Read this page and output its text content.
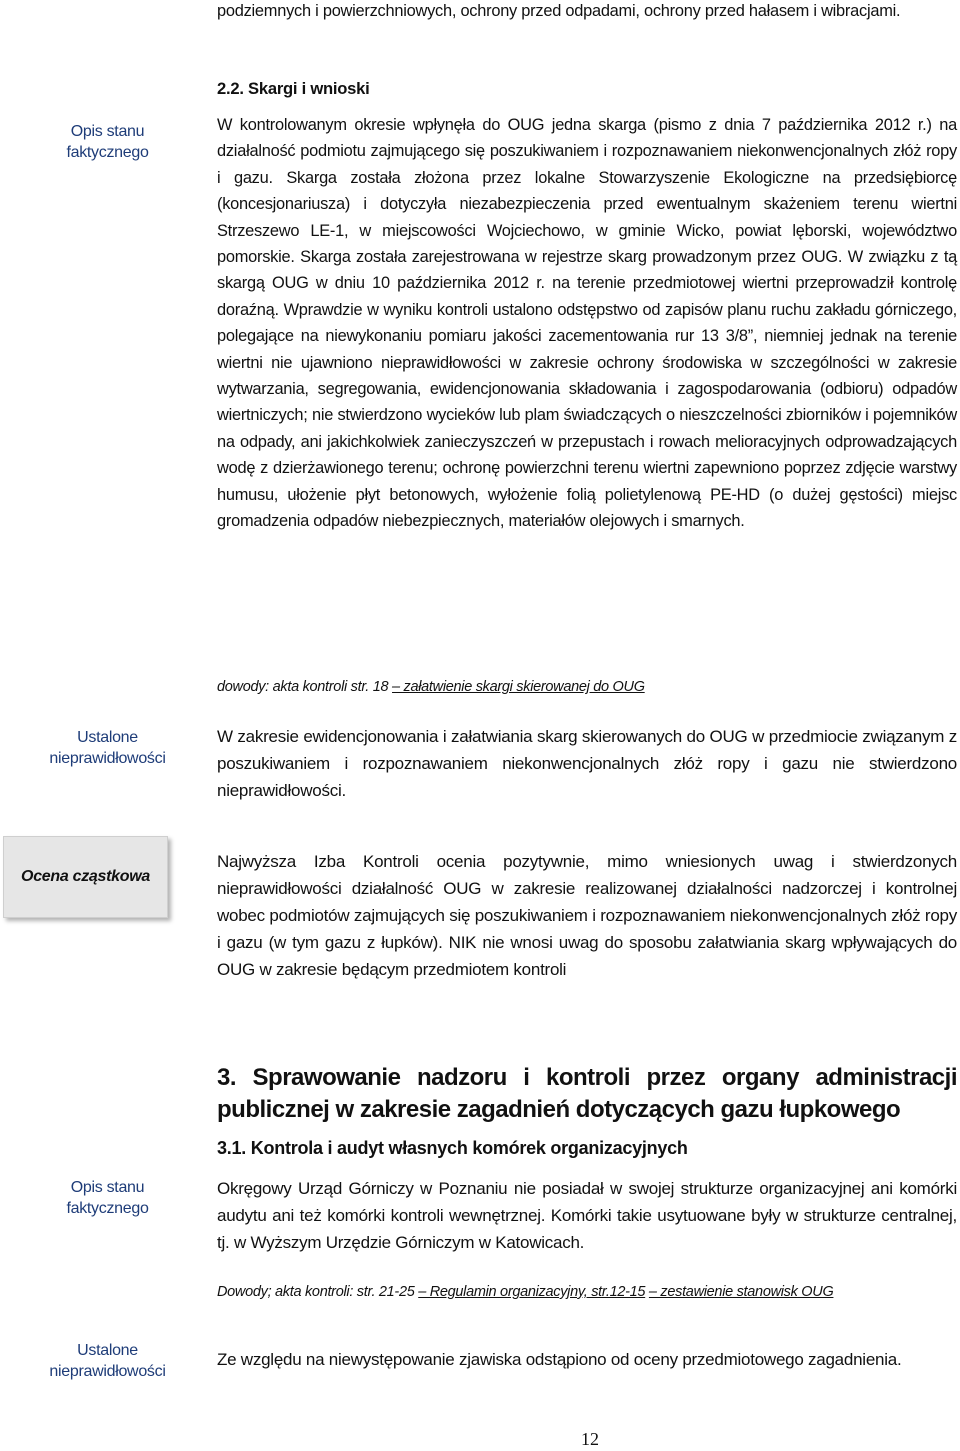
podziemnych i powierzchniowych, ochrony przed odpadami, ochrony przed hałasem i wibracjami.
2.2. Skargi i wnioski
Opis stanu
faktycznego
W kontrolowanym okresie wpłynęła do OUG jedna skarga (pismo z dnia 7 października 2012 r.) na działalność podmiotu zajmującego się poszukiwaniem i rozpoznawaniem niekonwencjonalnych złóż ropy i gazu. Skarga została złożona przez lokalne Stowarzyszenie Ekologiczne na przedsiębiorcę (koncesjonariusza) i dotyczyła niezabezpieczenia przed ewentualnym skażeniem terenu wiertni Strzeszewo LE-1, w miejscowości Wojciechowo, w gminie Wicko, powiat lęborski, województwo pomorskie. Skarga została zarejestrowana w rejestrze skarg prowadzonym przez OUG. W związku z tą skargą OUG w dniu 10 października 2012 r. na terenie przedmiotowej wiertni przeprowadził kontrolę doraźną. Wprawdzie w wyniku kontroli ustalono odstępstwo od zapisów planu ruchu zakładu górniczego, polegające na niewykonaniu pomiaru jakości zacementowania rur 13 3/8”, niemniej jednak na terenie wiertni nie ujawniono nieprawidłowości w zakresie ochrony środowiska w szczególności w zakresie wytwarzania, segregowania, ewidencjonowania składowania i zagospodarowania (odbioru) odpadów wiertniczych; nie stwierdzono wycieków lub plam świadczących o nieszczelności zbiorników i pojemników na odpady, ani jakichkolwiek zanieczyszczeń w przepustach i rowach melioracyjnych odprowadzających wodę z dzierżawionego terenu; ochronę powierzchni terenu wiertni zapewniono poprzez zdjęcie warstwy humusu, ułożenie płyt betonowych, wyłożenie folią polietylenową PE-HD (o dużej gęstości) miejsc gromadzenia odpadów niebezpiecznych, materiałów olejowych i smarnych.
dowody: akta kontroli str. 18 – załatwienie skargi skierowanej do OUG
Ustalone
nieprawidłowości
W zakresie ewidencjonowania i załatwiania skarg skierowanych do OUG w przedmiocie związanym z poszukiwaniem i rozpoznawaniem niekonwencjonalnych złóż ropy i gazu nie stwierdzono nieprawidłowości.
Ocena cząstkowa
Najwyższa Izba Kontroli ocenia pozytywnie, mimo wniesionych uwag i stwierdzonych nieprawidłowości działalność OUG w zakresie realizowanej działalności nadzorczej i kontrolnej wobec podmiotów zajmujących się poszukiwaniem i rozpoznawaniem niekonwencjonalnych złóż ropy i gazu (w tym gazu z łupków). NIK nie wnosi uwag do sposobu załatwiania skarg wpływających do OUG w zakresie będącym przedmiotem kontroli
3. Sprawowanie nadzoru i kontroli przez organy administracji publicznej w zakresie zagadnień dotyczących gazu łupkowego
3.1. Kontrola i audyt własnych komórek organizacyjnych
Opis stanu
faktycznego
Okręgowy Urząd Górniczy w Poznaniu nie posiadał w swojej strukturze organizacyjnej ani komórki audytu ani też komórki kontroli wewnętrznej. Komórki takie usytuowane były w strukturze centralnej, tj. w Wyższym Urzędzie Górniczym w Katowicach.
Dowody; akta kontroli: str. 21-25 – Regulamin organizacyjny, str.12-15 – zestawienie stanowisk OUG
Ustalone
nieprawidłowości
Ze względu na niewystępowanie zjawiska odstąpiono od oceny przedmiotowego zagadnienia.
12
